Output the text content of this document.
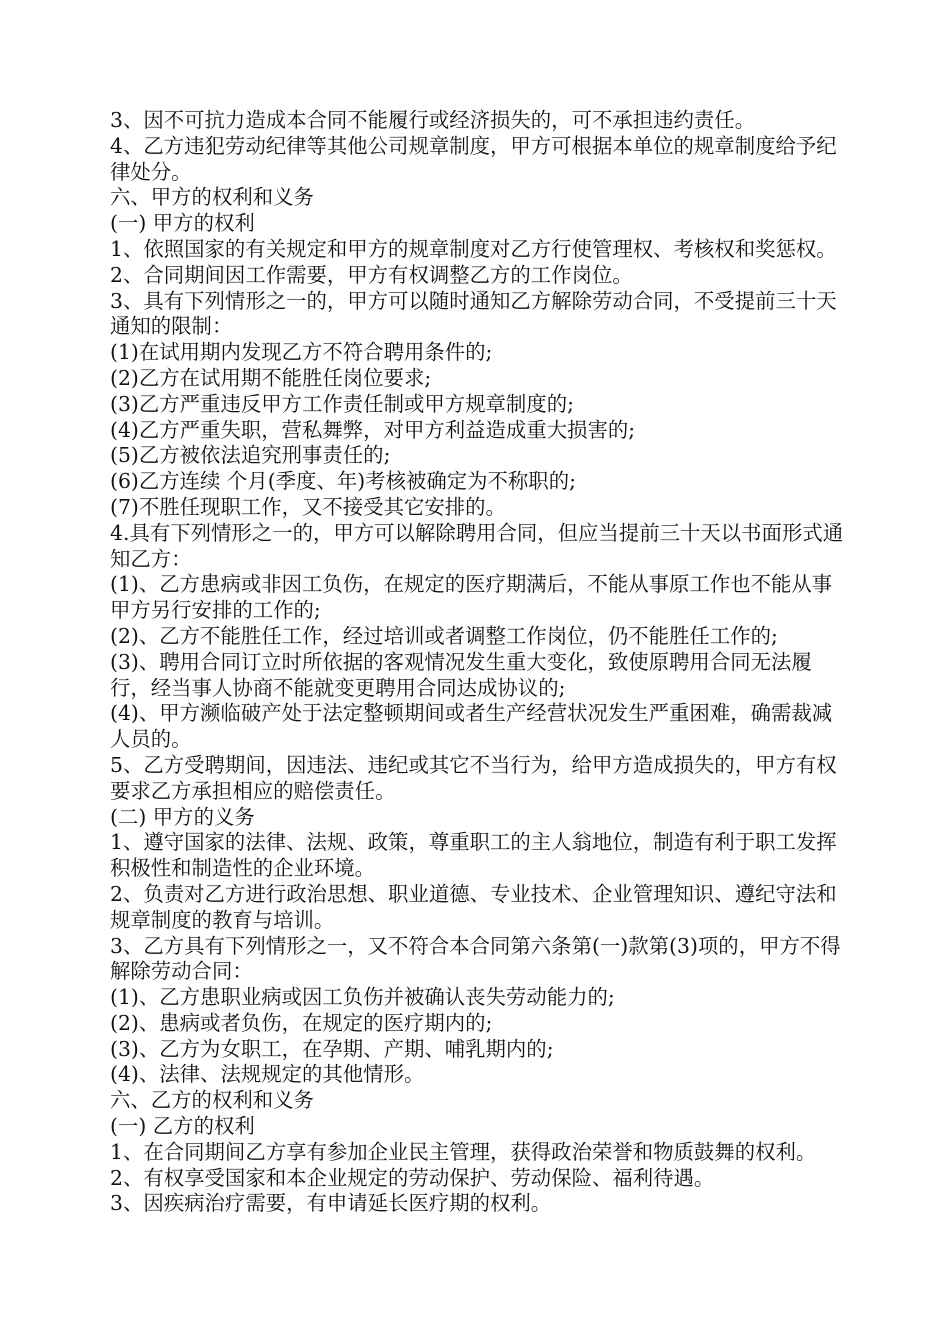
3、因不可抗力造成本合同不能履行或经济损失的，可不承担违约责任。

4、乙方违犯劳动纪律等其他公司规章制度，甲方可根据本单位的规章制度给予纪律处分。

六、甲方的权利和义务

(一) 甲方的权利

1、依照国家的有关规定和甲方的规章制度对乙方行使管理权、考核权和奖惩权。

2、合同期间因工作需要，甲方有权调整乙方的工作岗位。

3、具有下列情形之一的，甲方可以随时通知乙方解除劳动合同，不受提前三十天通知的限制：

(1)在试用期内发现乙方不符合聘用条件的;

(2)乙方在试用期不能胜任岗位要求;

(3)乙方严重违反甲方工作责任制或甲方规章制度的;

(4)乙方严重失职，营私舞弊，对甲方利益造成重大损害的;

(5)乙方被依法追究刑事责任的;

(6)乙方连续 个月(季度、年)考核被确定为不称职的;

(7)不胜任现职工作，又不接受其它安排的。

4.具有下列情形之一的，甲方可以解除聘用合同，但应当提前三十天以书面形式通知乙方：

(1)、乙方患病或非因工负伤，在规定的医疗期满后，不能从事原工作也不能从事甲方另行安排的工作的;

(2)、乙方不能胜任工作，经过培训或者调整工作岗位，仍不能胜任工作的;

(3)、聘用合同订立时所依据的客观情况发生重大变化，致使原聘用合同无法履行，经当事人协商不能就变更聘用合同达成协议的;

(4)、甲方濒临破产处于法定整顿期间或者生产经营状况发生严重困难，确需裁减人员的。

5、乙方受聘期间，因违法、违纪或其它不当行为，给甲方造成损失的，甲方有权要求乙方承担相应的赔偿责任。

(二) 甲方的义务

1、遵守国家的法律、法规、政策，尊重职工的主人翁地位，制造有利于职工发挥积极性和制造性的企业环境。

2、负责对乙方进行政治思想、职业道德、专业技术、企业管理知识、遵纪守法和规章制度的教育与培训。

3、乙方具有下列情形之一，又不符合本合同第六条第(一)款第(3)项的，甲方不得解除劳动合同：

(1)、乙方患职业病或因工负伤并被确认丧失劳动能力的;

(2)、患病或者负伤，在规定的医疗期内的;

(3)、乙方为女职工，在孕期、产期、哺乳期内的;

(4)、法律、法规规定的其他情形。

六、乙方的权利和义务

(一) 乙方的权利

1、在合同期间乙方享有参加企业民主管理，获得政治荣誉和物质鼓舞的权利。

2、有权享受国家和本企业规定的劳动保护、劳动保险、福利待遇。

3、因疾病治疗需要，有申请延长医疗期的权利。
